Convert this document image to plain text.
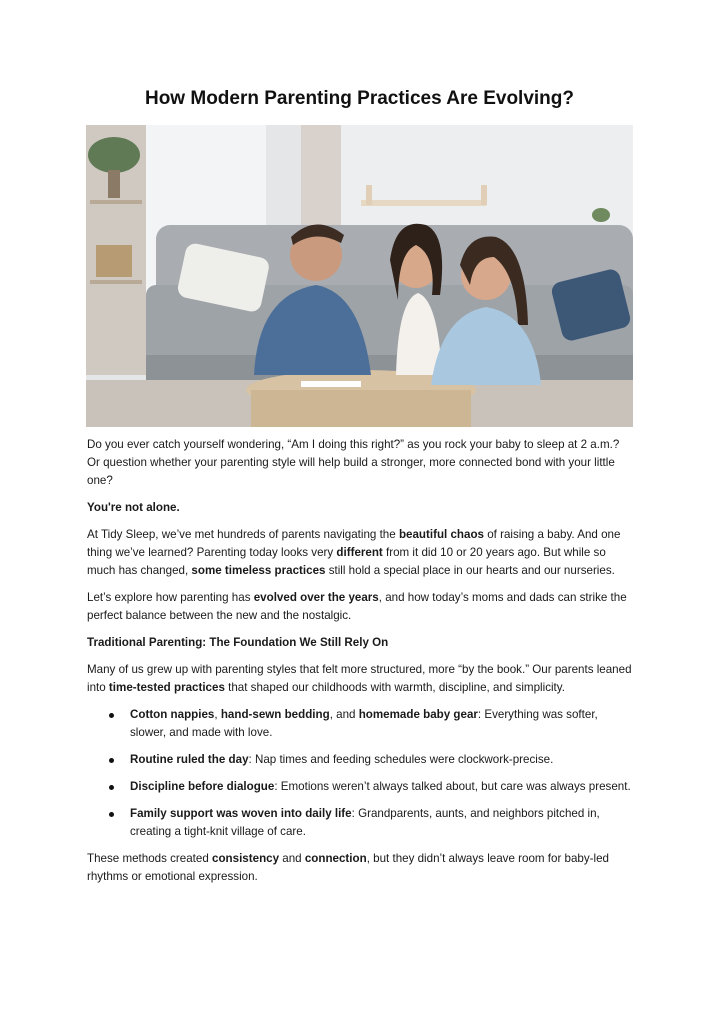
How Modern Parenting Practices Are Evolving?

Do you ever catch yourself wondering, “Am I doing this right?” as you rock your baby to sleep at 2 a.m.? Or question whether your parenting style will help build a stronger, more connected bond with your little one?

You're not alone.

At Tidy Sleep, we’ve met hundreds of parents navigating the beautiful chaos of raising a baby. And one thing we’ve learned? Parenting today looks very different from it did 10 or 20 years ago. But while so much has changed, some timeless practices still hold a special place in our hearts and our nurseries.

Let’s explore how parenting has evolved over the years, and how today’s moms and dads can strike the perfect balance between the new and the nostalgic.

Traditional Parenting: The Foundation We Still Rely On

Many of us grew up with parenting styles that felt more structured, more “by the book.” Our parents leaned into time-tested practices that shaped our childhoods with warmth, discipline, and simplicity.

Cotton nappies, hand-sewn bedding, and homemade baby gear: Everything was softer, slower, and made with love.
Routine ruled the day: Nap times and feeding schedules were clockwork-precise.
Discipline before dialogue: Emotions weren’t always talked about, but care was always present.
Family support was woven into daily life: Grandparents, aunts, and neighbors pitched in, creating a tight-knit village of care.

These methods created consistency and connection, but they didn’t always leave room for baby-led rhythms or emotional expression.
